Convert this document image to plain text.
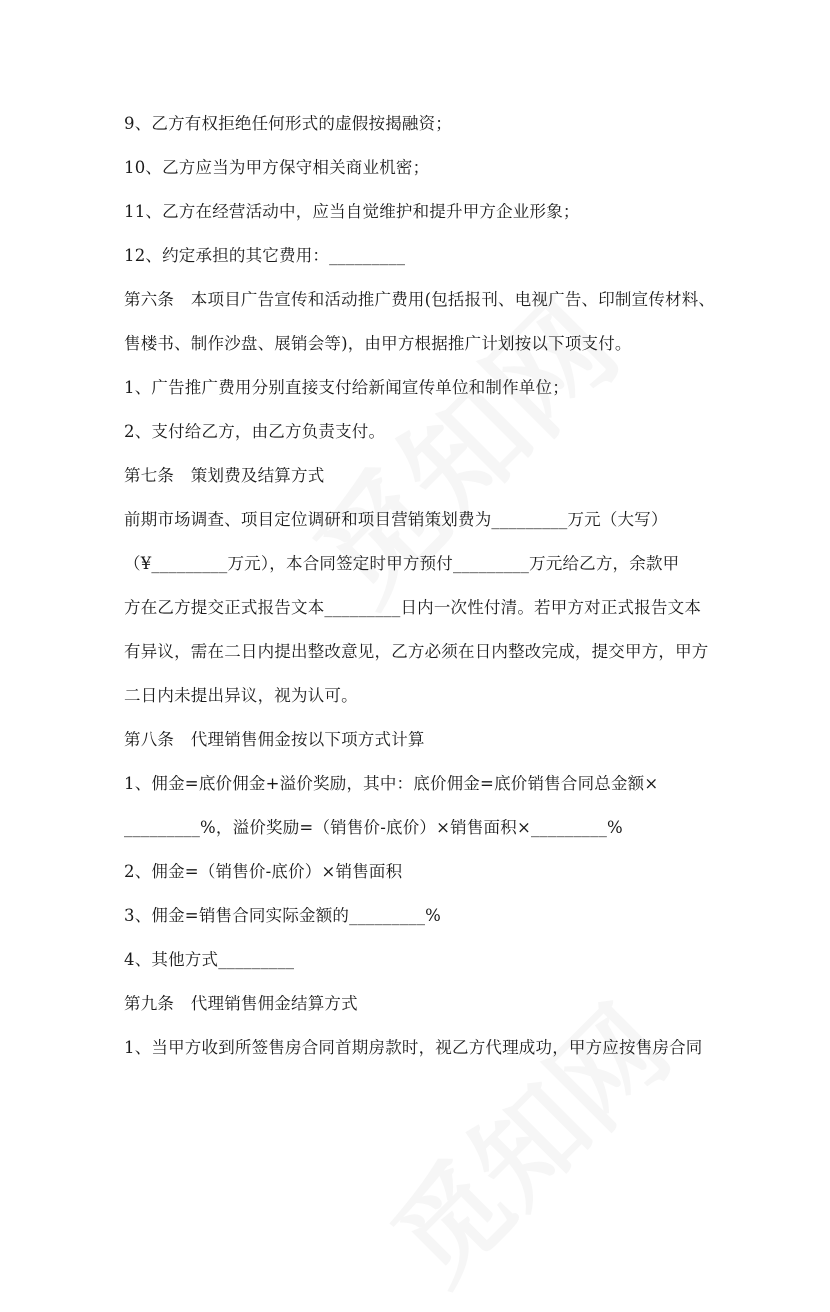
9、乙方有权拒绝任何形式的虚假按揭融资；
10、乙方应当为甲方保守相关商业机密；
11、乙方在经营活动中，应当自觉维护和提升甲方企业形象；
12、约定承担的其它费用：_________
第六条　本项目广告宣传和活动推广费用(包括报刊、电视广告、印制宣传材料、
售楼书、制作沙盘、展销会等)，由甲方根据推广计划按以下项支付。
1、广告推广费用分别直接支付给新闻宣传单位和制作单位；
2、支付给乙方，由乙方负责支付。
第七条　策划费及结算方式
前期市场调查、项目定位调研和项目营销策划费为_________万元（大写）
（¥_________万元），本合同签定时甲方预付_________万元给乙方，余款甲
方在乙方提交正式报告文本_________日内一次性付清。若甲方对正式报告文本
有异议，需在二日内提出整改意见，乙方必须在日内整改完成，提交甲方，甲方
二日内未提出异议，视为认可。
第八条　代理销售佣金按以下项方式计算
1、佣金=底价佣金+溢价奖励，其中：底价佣金=底价销售合同总金额×
_________%，溢价奖励=（销售价-底价）×销售面积×_________%
2、佣金=（销售价-底价）×销售面积
3、佣金=销售合同实际金额的_________%
4、其他方式_________
第九条　代理销售佣金结算方式
1、当甲方收到所签售房合同首期房款时，视乙方代理成功，甲方应按售房合同
